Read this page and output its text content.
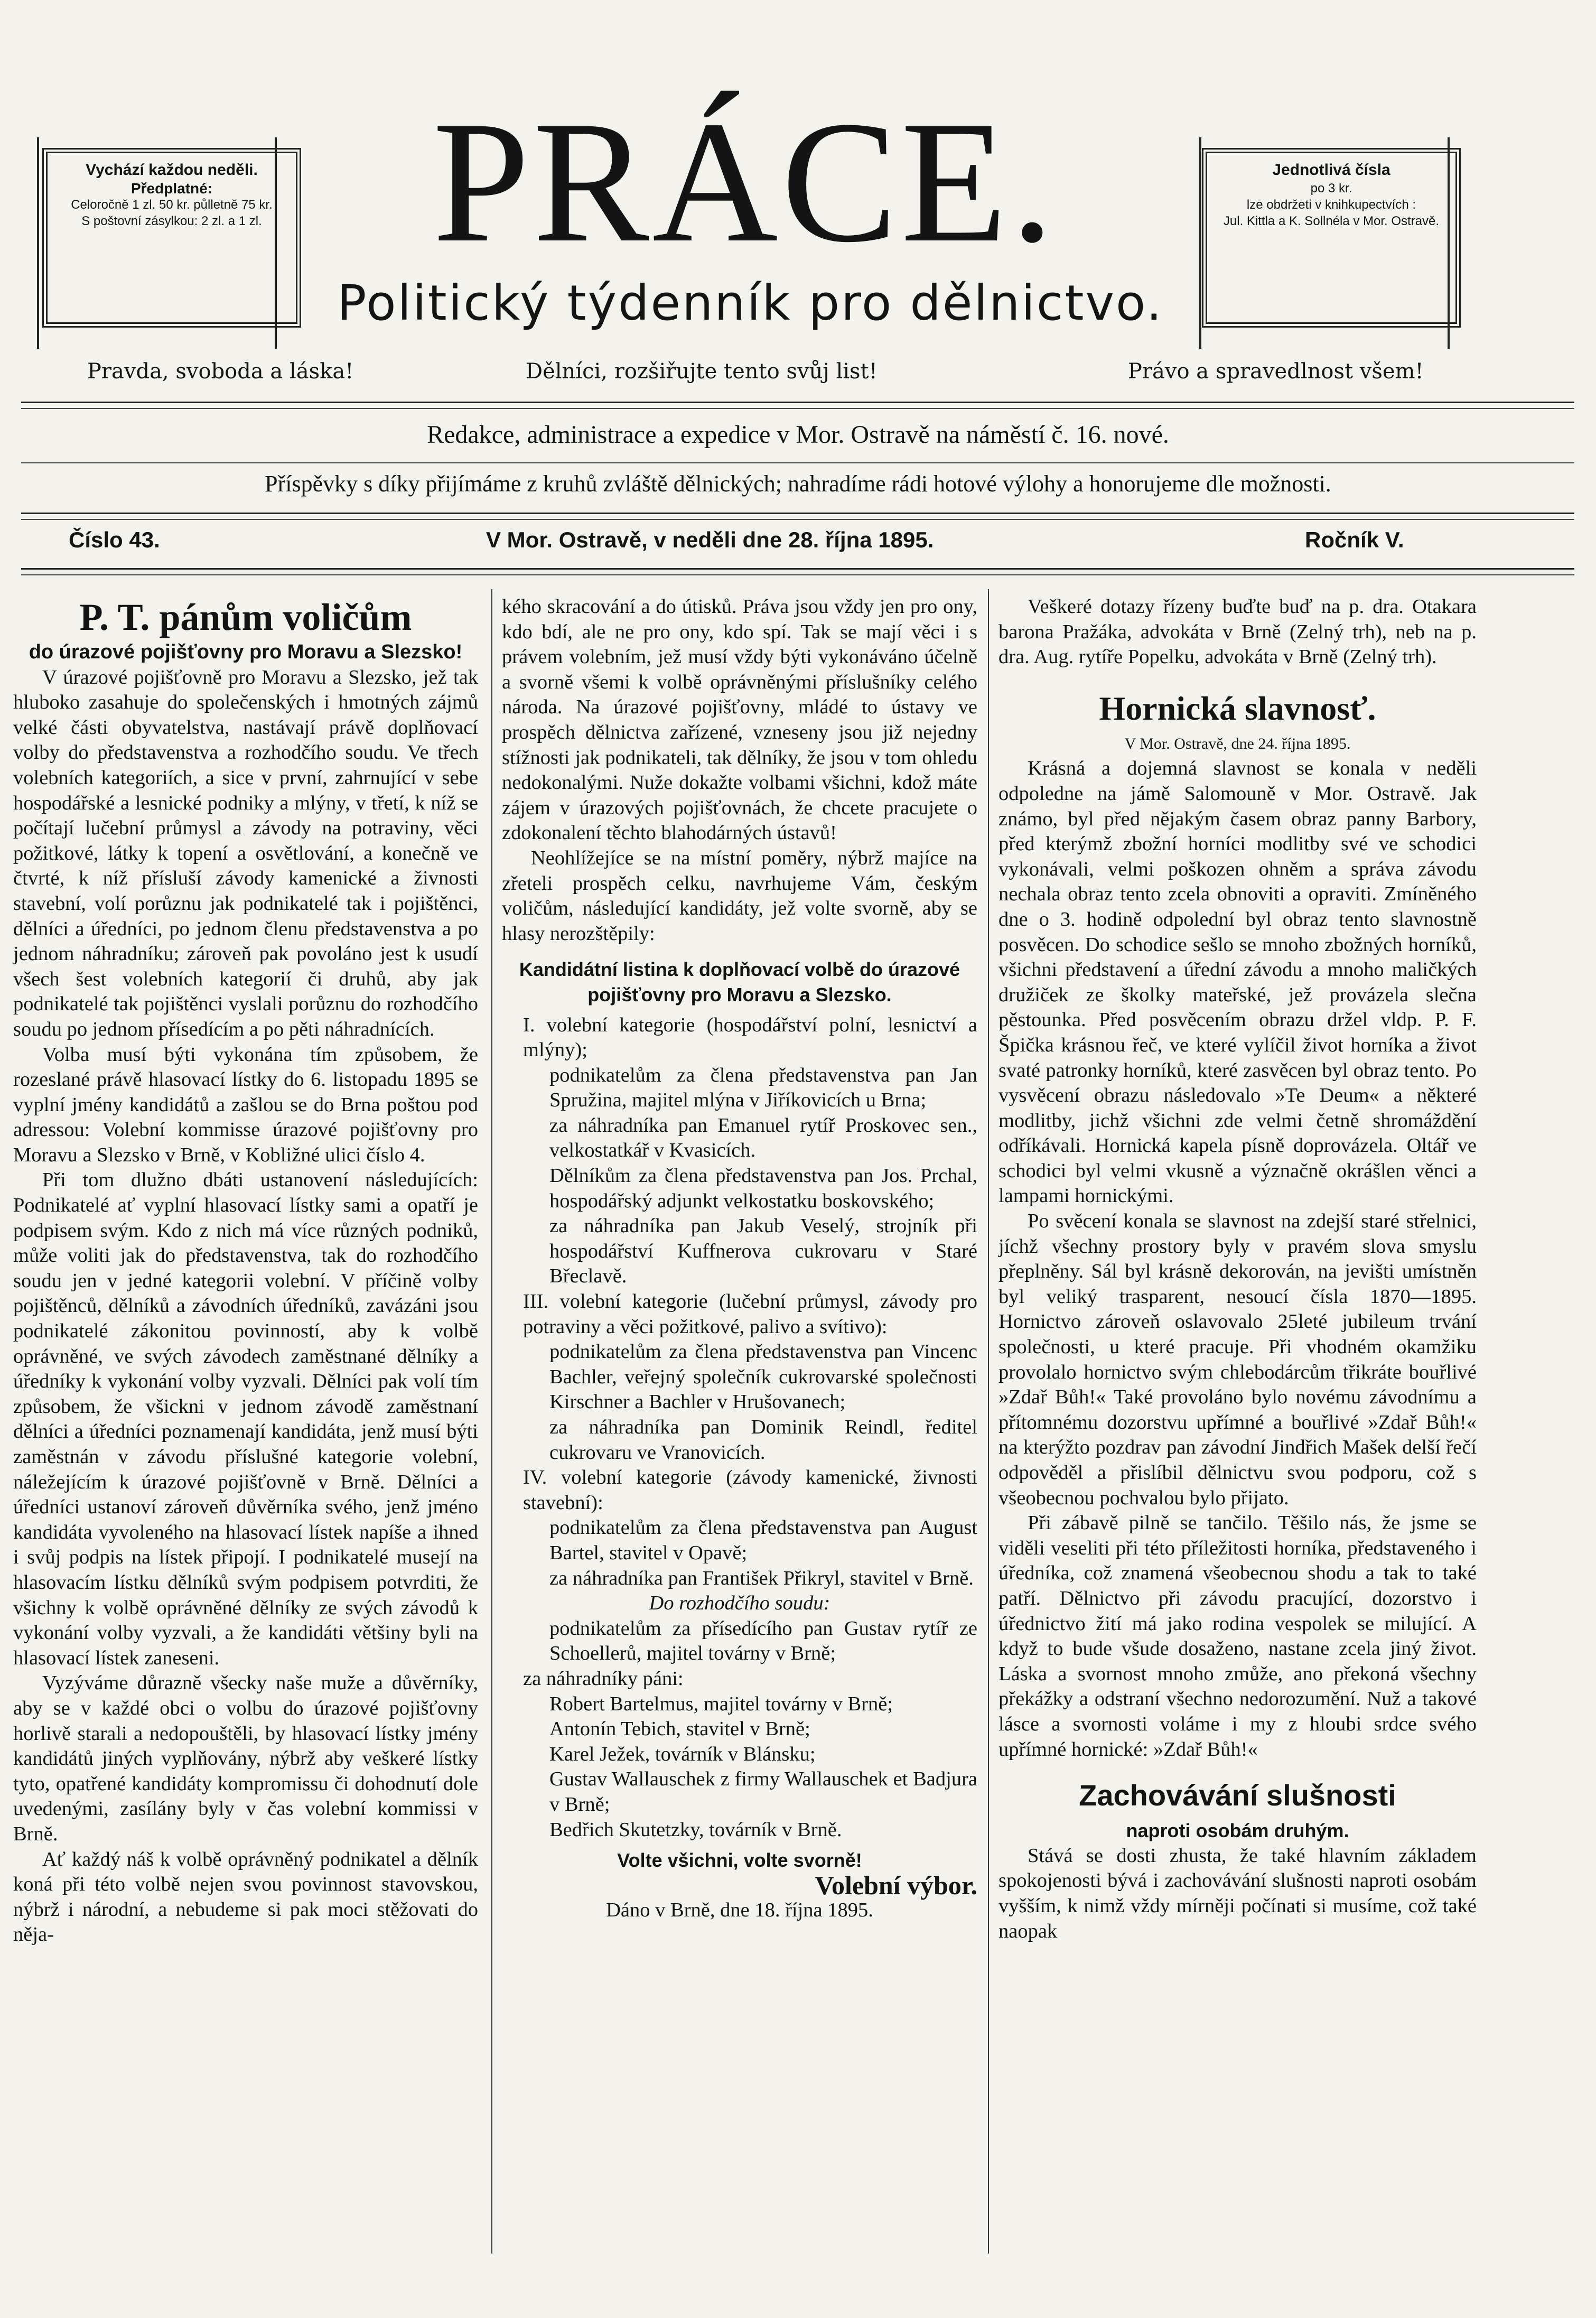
Vychází každou neděli.
Předplatné:
Celoročně 1 zl. 50 kr. půlletně 75 kr.
S poštovní zásylkou: 2 zl. a 1 zl. PRÁCE.
Politický týdenník pro dělnictvo.
Jednotlivá čísla
po 3 kr.
lze obdržeti v knihkupectvích :
Jul. Kittla a K. Sollnéla v Mor. Ostravě.
Pravda, svoboda a láska!	Dělníci, rozšiřujte tento svůj list!	Právo a spravedlnost všem!
Redakce, administrace a expedice v Mor. Ostravě na náměstí č. 16. nové.
Příspěvky s díky přijímáme z kruhů zvláště dělnických; nahradíme rádi hotové výlohy a honorujeme dle možnosti.
Číslo 43.	V Mor. Ostravě, v neděli dne 28. října 1895.	Ročník V.

P. T. pánům voličům

do úrazové pojišťovny pro Moravu a Slezsko!

V úrazové pojišťovně pro Moravu a Slezsko, jež tak hluboko zasahuje do společenských i hmotných zájmů velké části obyvatelstva, nastávají právě doplňovací volby do představenstva a rozhodčího soudu. Ve třech volebních kategoriích, a sice v první, zahrnující v sebe hospodářské a lesnické podniky a mlýny, v třetí, k níž se počítají lučební průmysl a závody na potraviny, věci požitkové, látky k topení a osvětlování, a konečně ve čtvrté, k níž přísluší závody kamenické a živnosti stavební, volí porůznu jak podnikatelé tak i pojištěnci, dělníci a úředníci, po jednom členu představenstva a po jednom náhradníku; zároveň pak povoláno jest k usudí všech šest volebních kategorií či druhů, aby jak podnikatelé tak pojištěnci vyslali porůznu do rozhodčího soudu po jednom přísedícím a po pěti náhradnících.

Volba musí býti vykonána tím způsobem, že rozeslané právě hlasovací lístky do 6. listopadu 1895 se vyplní jmény kandidátů a zašlou se do Brna poštou pod adressou: Volební kommisse úrazové pojišťovny pro Moravu a Slezsko v Brně, v Kobližné ulici číslo 4.

Při tom dlužno dbáti ustanovení následujících: Podnikatelé ať vyplní hlasovací lístky sami a opatří je podpisem svým. Kdo z nich má více různých podniků, může voliti jak do představenstva, tak do rozhodčího soudu jen v jedné kategorii volební. V příčině volby pojištěnců, dělníků a závodních úředníků, zavázáni jsou podnikatelé zákonitou povinností, aby k volbě oprávněné, ve svých závodech zaměstnané dělníky a úředníky k vykonání volby vyzvali. Dělníci pak volí tím způsobem, že všickni v jednom závodě zaměstnaní dělníci a úředníci poznamenají kandidáta, jenž musí býti zaměstnán v závodu příslušné kategorie volební, náležejícím k úrazové pojišťovně v Brně. Dělníci a úředníci ustanoví zároveň důvěrníka svého, jenž jméno kandidáta vyvoleného na hlasovací lístek napíše a ihned i svůj podpis na lístek připojí. I podnikatelé musejí na hlasovacím lístku dělníků svým podpisem potvrditi, že všichny k volbě oprávněné dělníky ze svých závodů k vykonání volby vyzvali, a že kandidáti většiny byli na hlasovací lístek zaneseni.

Vyzýváme důrazně všecky naše muže a důvěrníky, aby se v každé obci o volbu do úrazové pojišťovny horlivě starali a nedopouštěli, by hlasovací lístky jmény kandidátů jiných vyplňovány, nýbrž aby veškeré lístky tyto, opatřené kandidáty kompromissu či dohodnutí dole uvedenými, zasílány byly v čas volební kommissi v Brně.

Ať každý náš k volbě oprávněný podnikatel a dělník koná při této volbě nejen svou povinnost stavovskou, nýbrž i národní, a nebudeme si pak moci stěžovati do něja-

kého skracování a do útisků. Práva jsou vždy jen pro ony, kdo bdí, ale ne pro ony, kdo spí. Tak se mají věci i s právem volebním, jež musí vždy býti vykonáváno účelně a svorně všemi k volbě oprávněnými příslušníky celého národa. Na úrazové pojišťovny, mládé to ústavy ve prospěch dělnictva zařízené, vzneseny jsou již nejedny stížnosti jak podnikateli, tak dělníky, že jsou v tom ohledu nedokonalými. Nuže dokažte volbami všichni, kdož máte zájem v úrazových pojišťovnách, že chcete pracujete o zdokonalení těchto blahodárných ústavů!

Neohlížejíce se na místní poměry, nýbrž majíce na zřeteli prospěch celku, navrhujeme Vám, českým voličům, následující kandidáty, jež volte svorně, aby se hlasy nerozštěpily:

Kandidátní listina k doplňovací volbě do úrazové pojišťovny pro Moravu a Slezsko.

I. volební kategorie (hospodářství polní, lesnictví a mlýny);

podnikatelům za člena představenstva pan Jan Spružina, majitel mlýna v Jiříkovicích u Brna;

za náhradníka pan Emanuel rytíř Proskovec sen., velkostatkář v Kvasicích.

Dělníkům za člena představenstva pan Jos. Prchal, hospodářský adjunkt velkostatku boskovského;

za náhradníka pan Jakub Veselý, strojník při hospodářství Kuffnerova cukrovaru v Staré Břeclavě.

III. volební kategorie (lučební průmysl, závody pro potraviny a věci požitkové, palivo a svítivo):

podnikatelům za člena představenstva pan Vincenc Bachler, veřejný společník cukrovarské společnosti Kirschner a Bachler v Hrušovanech;

za náhradníka pan Dominik Reindl, ředitel cukrovaru ve Vranovicích.

IV. volební kategorie (závody kamenické, živnosti stavební):

podnikatelům za člena představenstva pan August Bartel, stavitel v Opavě;

za náhradníka pan František Přikryl, stavitel v Brně.

Do rozhodčího soudu:

podnikatelům za přísedícího pan Gustav rytíř ze Schoellerů, majitel továrny v Brně;

za náhradníky páni:

Robert Bartelmus, majitel továrny v Brně;

Antonín Tebich, stavitel v Brně;

Karel Ježek, továrník v Blánsku;

Gustav Wallauschek z firmy Wallauschek et Badjura v Brně;

Bedřich Skutetzky, továrník v Brně.

Volte všichni, volte svorně!

Volební výbor.

Dáno v Brně, dne 18. října 1895.

Veškeré dotazy řízeny buďte buď na p. dra. Otakara barona Pražáka, advokáta v Brně (Zelný trh), neb na p. dra. Aug. rytíře Popelku, advokáta v Brně (Zelný trh).

Hornická slavnosť.

V Mor. Ostravě, dne 24. října 1895.

Krásná a dojemná slavnost se konala v neděli odpoledne na jámě Salomouně v Mor. Ostravě. Jak známo, byl před nějakým časem obraz panny Barbory, před kterýmž zbožní horníci modlitby své ve schodici vykonávali, velmi poškozen ohněm a správa závodu nechala obraz tento zcela obnoviti a opraviti. Zmíněného dne o 3. hodině odpolední byl obraz tento slavnostně posvěcen. Do schodice sešlo se mnoho zbožných horníků, všichni představení a úřední závodu a mnoho maličkých družiček ze školky mateřské, jež provázela slečna pěstounka. Před posvěcením obrazu držel vldp. P. F. Špička krásnou řeč, ve které vylíčil život horníka a život svaté patronky horníků, které zasvěcen byl obraz tento. Po vysvěcení obrazu následovalo »Te Deum« a některé modlitby, jichž všichni zde velmi četně shromáždění odříkávali. Hornická kapela písně doprovázela. Oltář ve schodici byl velmi vkusně a význačně okrášlen věnci a lampami hornickými.

Po svěcení konala se slavnost na zdejší staré střelnici, jíchž všechny prostory byly v pravém slova smyslu přeplněny. Sál byl krásně dekorován, na jevišti umístněn byl veliký trasparent, nesoucí čísla 1870—1895. Hornictvo zároveň oslavovalo 25leté jubileum trvání společnosti, u které pracuje. Při vhodném okamžiku provolalo hornictvo svým chlebodárcům třikráte bouřlivé »Zdař Bůh!« Také provoláno bylo novému závodnímu a přítomnému dozorstvu upřímné a bouřlivé »Zdař Bůh!« na kterýžto pozdrav pan závodní Jindřich Mašek delší řečí odpověděl a přislíbil dělnictvu svou podporu, což s všeobecnou pochvalou bylo přijato.

Při zábavě pilně se tančilo. Těšilo nás, že jsme se viděli veseliti při této příležitosti horníka, představeného i úředníka, což znamená všeobecnou shodu a tak to také patří. Dělnictvo při závodu pracující, dozorstvo i úřednictvo žití má jako rodina vespolek se milující. A když to bude všude dosaženo, nastane zcela jiný život. Láska a svornost mnoho zmůže, ano překoná všechny překážky a odstraní všechno nedorozumění. Nuž a takové lásce a svornosti voláme i my z hloubi srdce svého upřímné hornické: »Zdař Bůh!«

Zachovávání slušnosti

naproti osobám druhým.

Stává se dosti zhusta, že také hlavním základem spokojenosti bývá i zachovávání slušnosti naproti osobám vyšším, k nimž vždy mírněji počínati si musíme, což také naopak
